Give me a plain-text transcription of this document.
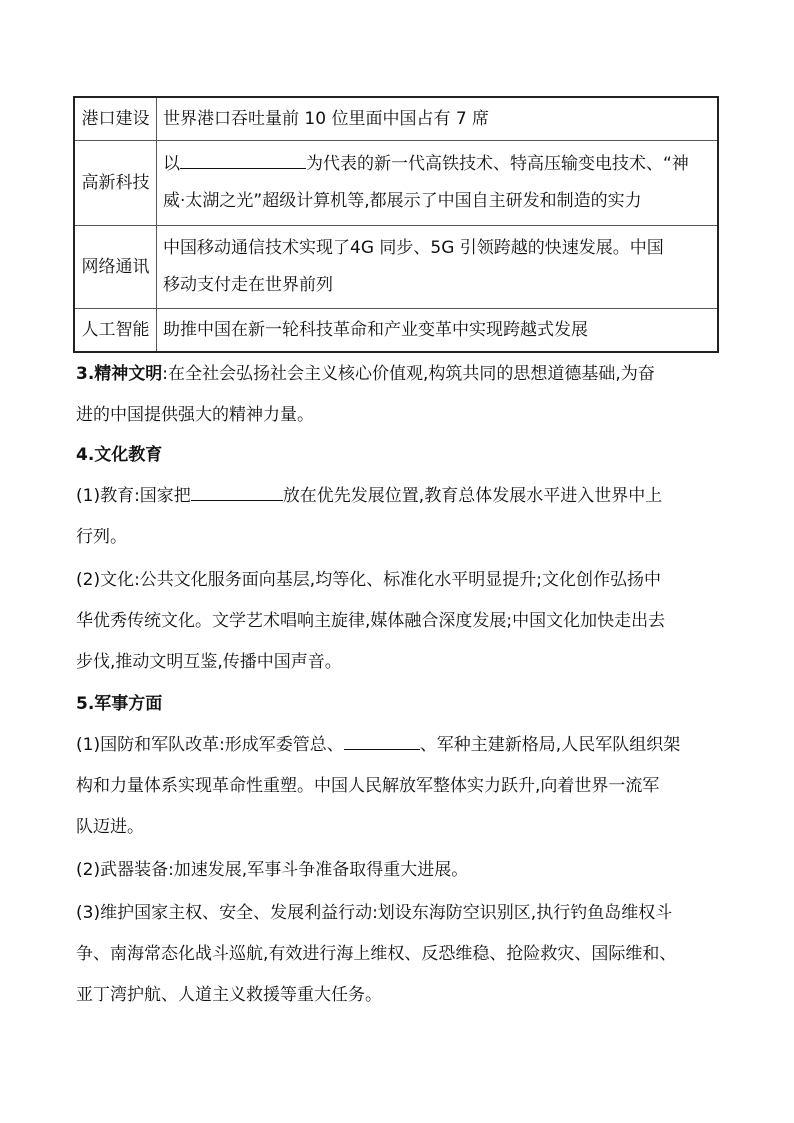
港口建设	世界港口吞吐量前 10 位里面中国占有 7 席

高新科技	以 为代表的新一代高铁技术、特高压输变电技术、“神
威·太湖之光”超级计算机等,都展示了中国自主研发和制造的实力

网络通讯	中国移动通信技术实现了4G 同步、5G 引领跨越的快速发展。中国
移动支付走在世界前列

人工智能	助推中国在新一轮科技革命和产业变革中实现跨越式发展
3.精神文明:在全社会弘扬社会主义核心价值观,构筑共同的思想道德基础,为奋
进的中国提供强大的精神力量。
4.文化教育
(1)教育:国家把	放在优先发展位置,教育总体发展水平进入世界中上
行列。
(2)文化:公共文化服务面向基层,均等化、标准化水平明显提升;文化创作弘扬中
华优秀传统文化。文学艺术唱响主旋律,媒体融合深度发展;中国文化加快走出去
步伐,推动文明互鉴,传播中国声音。
5.军事方面
(1)国防和军队改革:形成军委管总、	、军种主建新格局,人民军队组织架
构和力量体系实现革命性重塑。中国人民解放军整体实力跃升,向着世界一流军
队迈进。
(2)武器装备:加速发展,军事斗争准备取得重大进展。
(3)维护国家主权、安全、发展利益行动:划设东海防空识别区,执行钓鱼岛维权斗
争、南海常态化战斗巡航,有效进行海上维权、反恐维稳、抢险救灾、国际维和、
亚丁湾护航、人道主义救援等重大任务。
